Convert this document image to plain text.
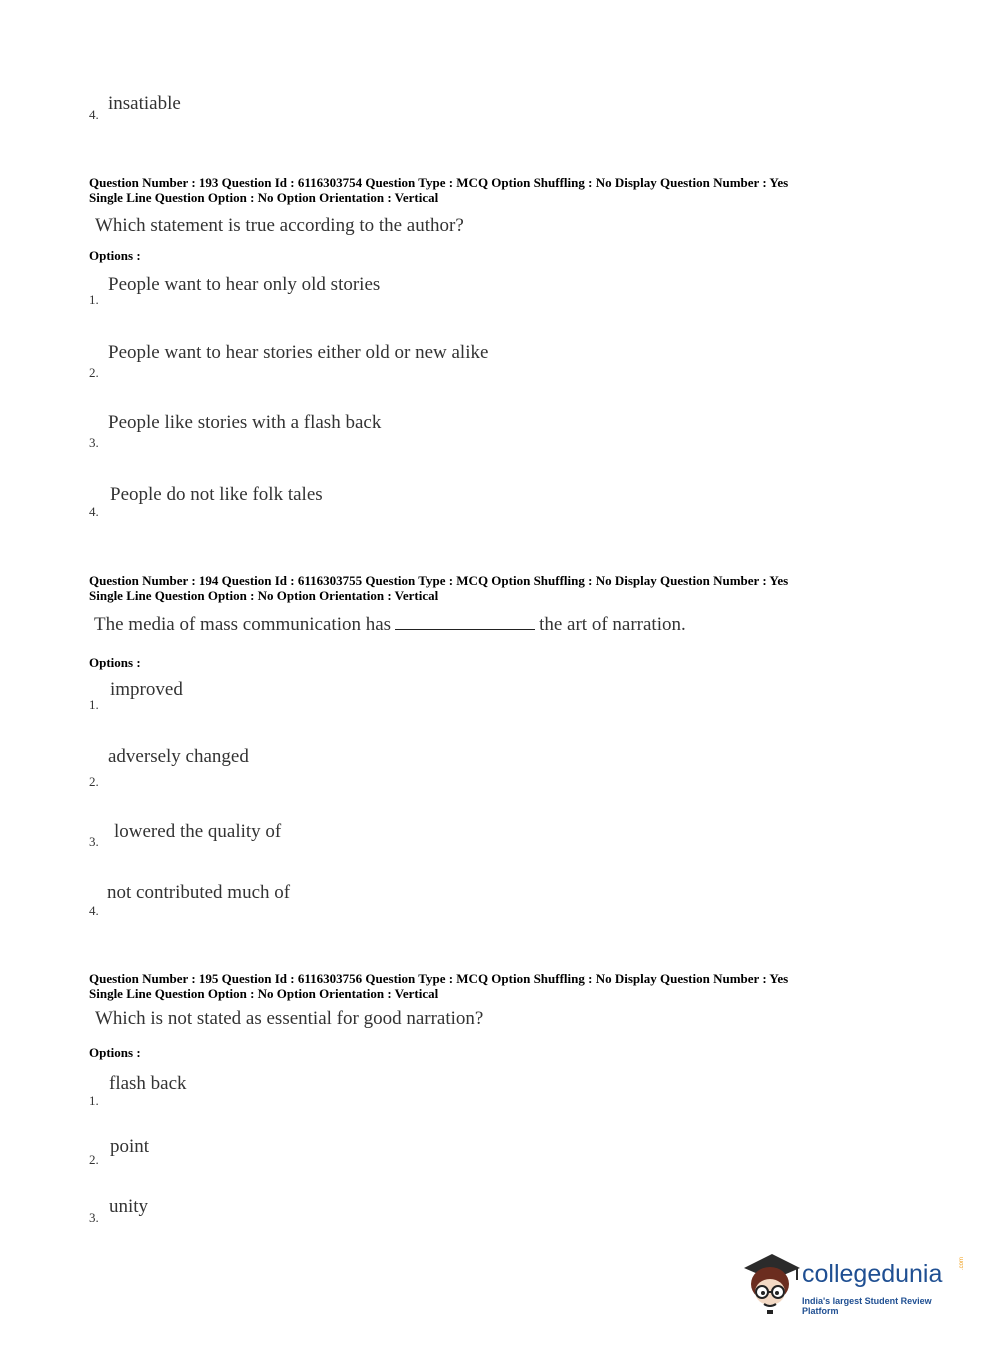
4.
insatiable
Question Number : 193 Question Id : 6116303754 Question Type : MCQ Option Shuffling : No Display Question Number : Yes
Single Line Question Option : No Option Orientation : Vertical
Which statement is true according to the author?
Options :
1.
People want to hear only old stories
2.
People want to hear stories either old or new alike
3.
People like stories with a flash back
4.
People do not like folk tales
Question Number : 194 Question Id : 6116303755 Question Type : MCQ Option Shuffling : No Display Question Number : Yes
Single Line Question Option : No Option Orientation : Vertical
The media of mass communication has	the art of narration.
Options :
1.
improved
2.
adversely changed
3. lowered the quality of
4.
not contributed much of
Question Number : 195 Question Id : 6116303756 Question Type : MCQ Option Shuffling : No Display Question Number : Yes
Single Line Question Option : No Option Orientation : Vertical
Which is not stated as essential for good narration?
Options :
1.
flash back
2.
point
3.
unity
collegedunia	.com
India's largest Student Review Platform
